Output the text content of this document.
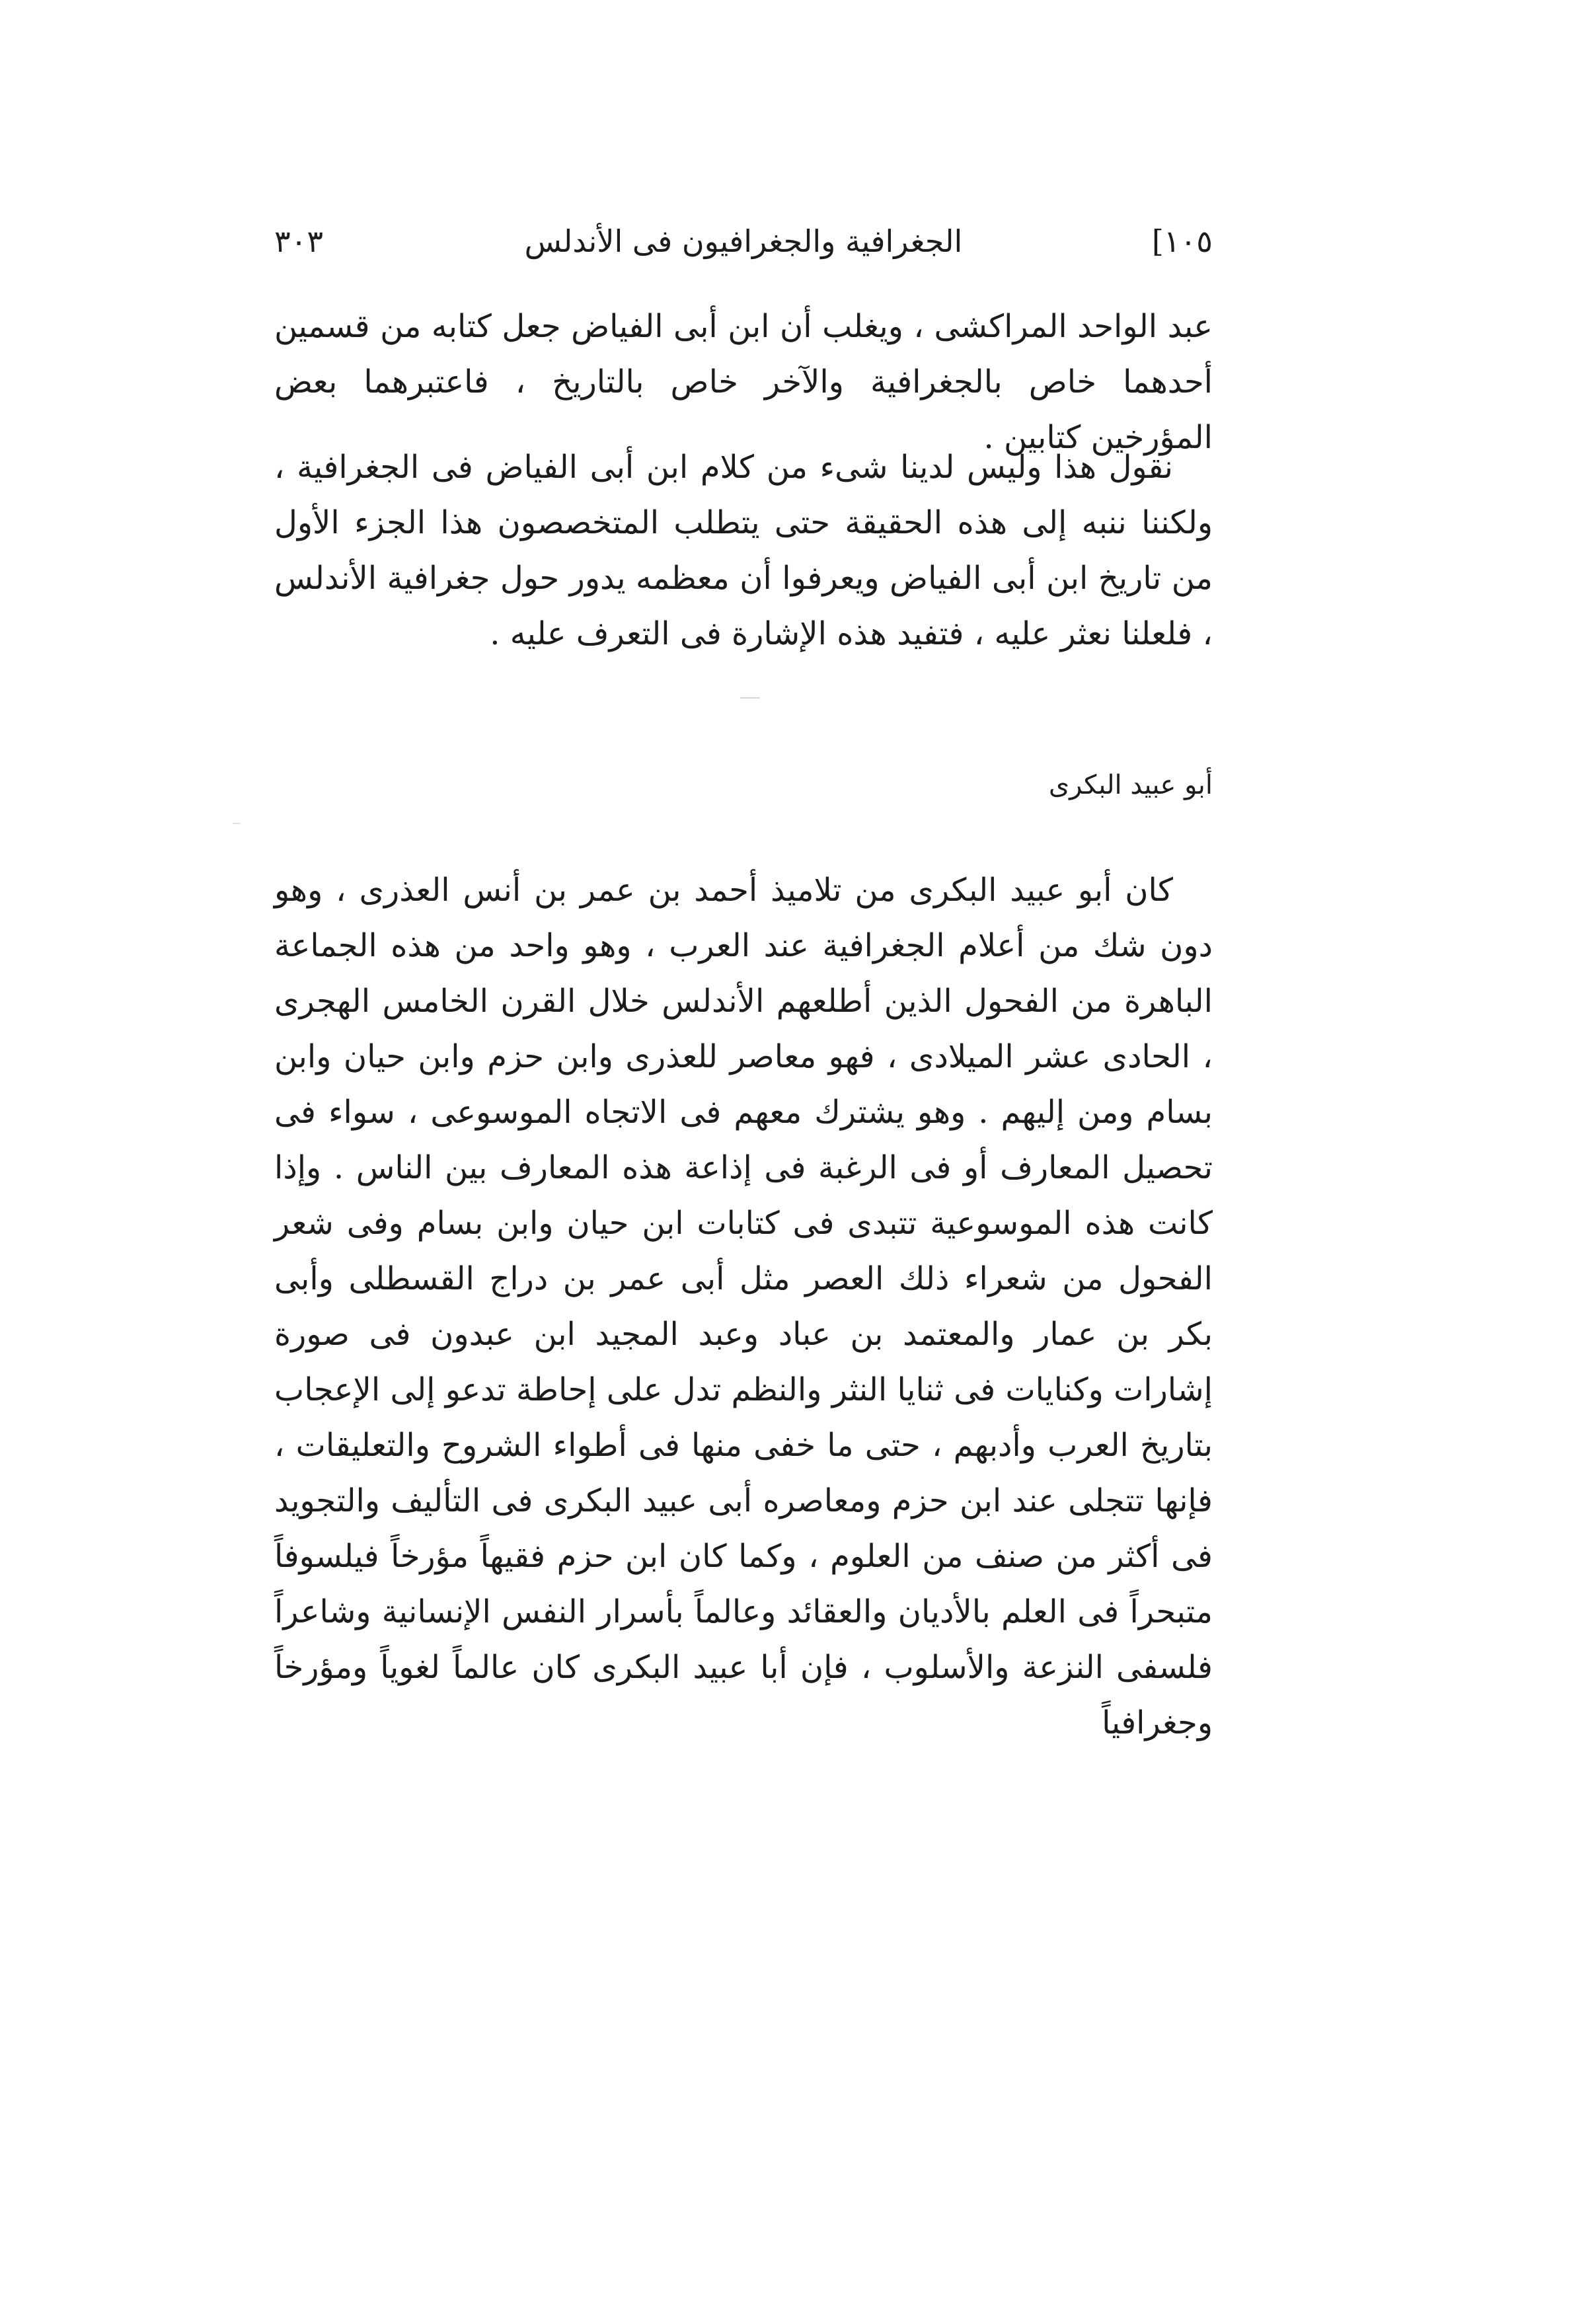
[١٠٥
الجغرافية والجغرافيون فى الأندلس
٣٠٣

عبد الواحد المراكشى ، ويغلب أن ابن أبى الفياض جعل كتابه من قسمين أحدهما خاص بالجغرافية والآخر خاص بالتاريخ ، فاعتبرهما بعض المؤرخين كتابين .

نقول هذا وليس لدينا شىء من كلام ابن أبى الفياض فى الجغرافية ، ولكننا ننبه إلى هذه الحقيقة حتى يتطلب المتخصصون هذا الجزء الأول من تاريخ ابن أبى الفياض ويعرفوا أن معظمه يدور حول جغرافية الأندلس ، فلعلنا نعثر عليه ، فتفيد هذه الإشارة فى التعرف عليه .

أبو عبيد البكرى

كان أبو عبيد البكرى من تلاميذ أحمد بن عمر بن أنس العذرى ، وهو دون شك من أعلام الجغرافية عند العرب ، وهو واحد من هذه الجماعة الباهرة من الفحول الذين أطلعهم الأندلس خلال القرن الخامس الهجرى ، الحادى عشر الميلادى ، فهو معاصر للعذرى وابن حزم وابن حيان وابن بسام ومن إليهم . وهو يشترك معهم فى الاتجاه الموسوعى ، سواء فى تحصيل المعارف أو فى الرغبة فى إذاعة هذه المعارف بين الناس . وإذا كانت هذه الموسوعية تتبدى فى كتابات ابن حيان وابن بسام وفى شعر الفحول من شعراء ذلك العصر مثل أبى عمر بن دراج القسطلى وأبى بكر بن عمار والمعتمد بن عباد وعبد المجيد ابن عبدون فى صورة إشارات وكنايات فى ثنايا النثر والنظم تدل على إحاطة تدعو إلى الإعجاب بتاريخ العرب وأدبهم ، حتى ما خفى منها فى أطواء الشروح والتعليقات ، فإنها تتجلى عند ابن حزم ومعاصره أبى عبيد البكرى فى التأليف والتجويد فى أكثر من صنف من العلوم ، وكما كان ابن حزم فقيهاً مؤرخاً فيلسوفاً متبحراً فى العلم بالأديان والعقائد وعالماً بأسرار النفس الإنسانية وشاعراً فلسفى النزعة والأسلوب ، فإن أبا عبيد البكرى كان عالماً لغوياً ومؤرخاً وجغرافياً
